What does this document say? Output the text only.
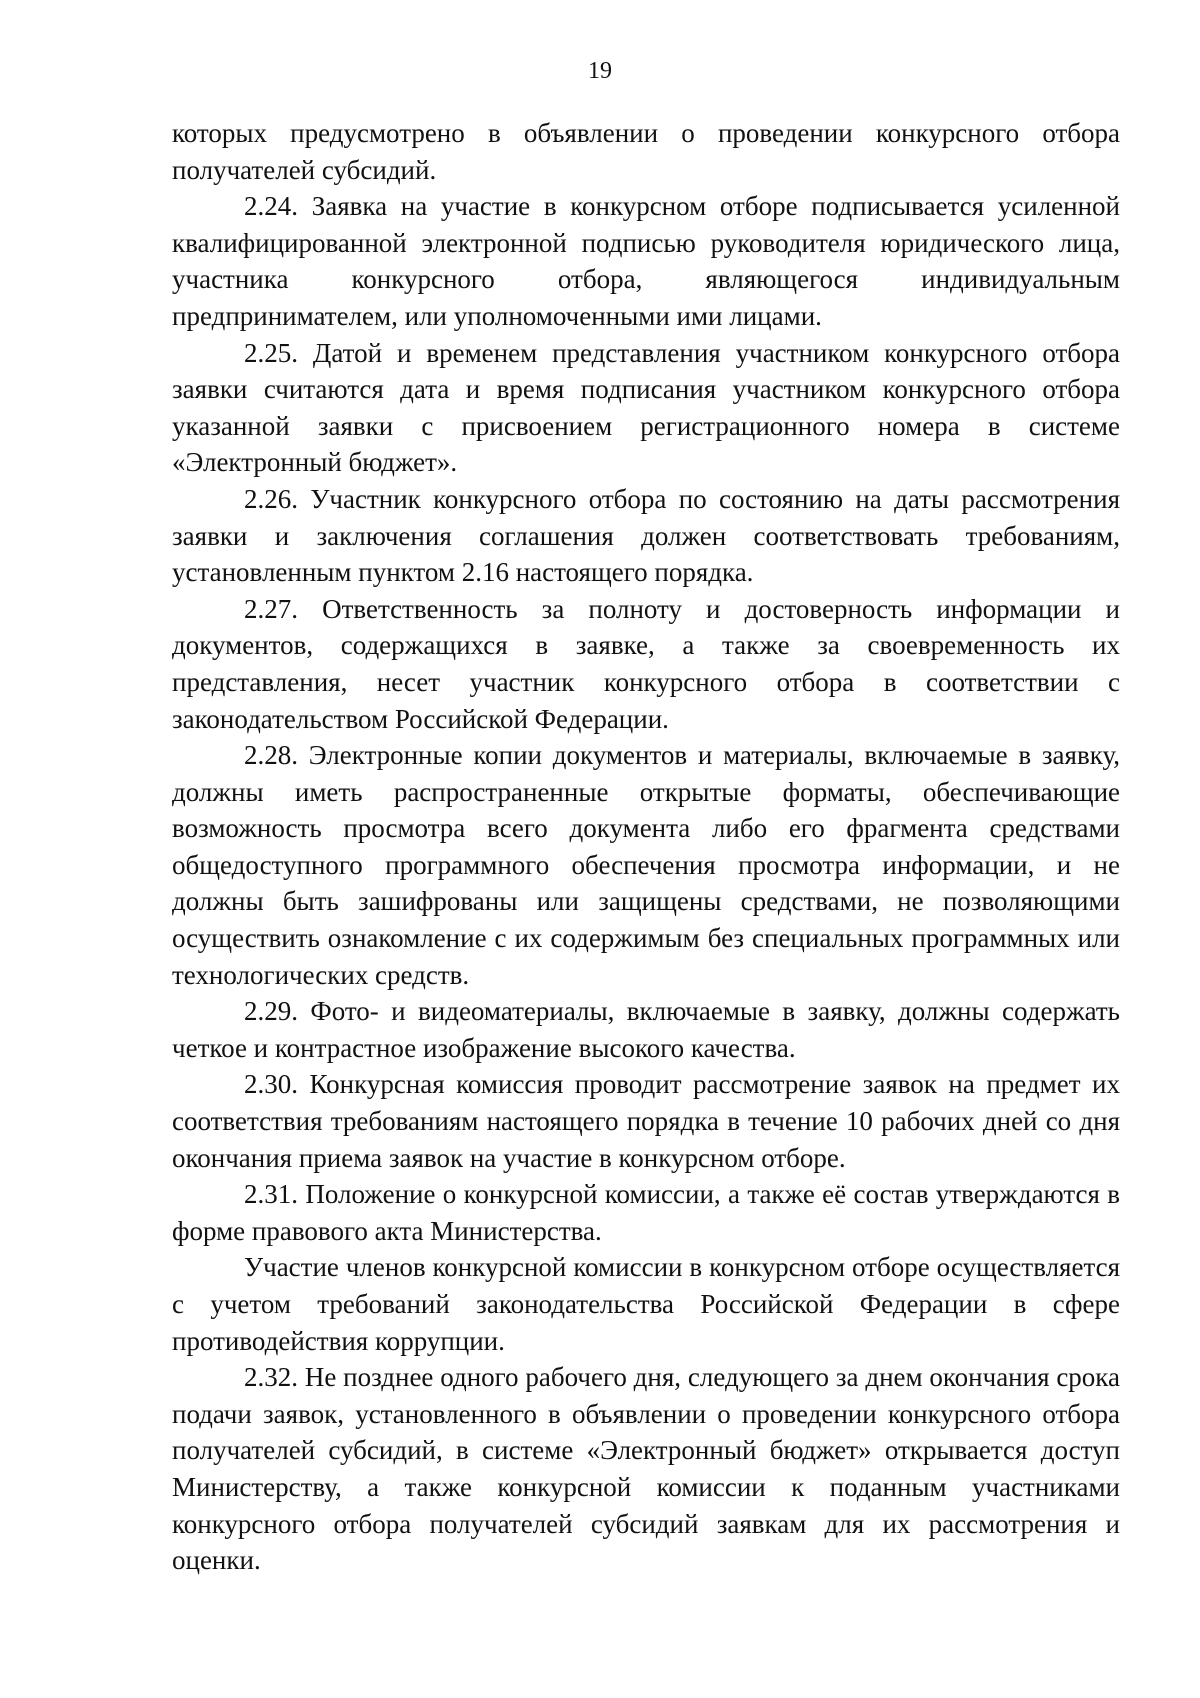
19

которых предусмотрено в объявлении о проведении конкурсного отбора получателей субсидий.

2.24. Заявка на участие в конкурсном отборе подписывается усиленной квалифицированной электронной подписью руководителя юридического лица, участника конкурсного отбора, являющегося индивидуальным предпринимателем, или уполномоченными ими лицами.

2.25. Датой и временем представления участником конкурсного отбора заявки считаются дата и время подписания участником конкурсного отбора указанной заявки с присвоением регистрационного номера в системе «Электронный бюджет».

2.26. Участник конкурсного отбора по состоянию на даты рассмотрения заявки и заключения соглашения должен соответствовать требованиям, установленным пунктом 2.16 настоящего порядка.

2.27. Ответственность за полноту и достоверность информации и документов, содержащихся в заявке, а также за своевременность их представления, несет участник конкурсного отбора в соответствии с законодательством Российской Федерации.

2.28. Электронные копии документов и материалы, включаемые в заявку, должны иметь распространенные открытые форматы, обеспечивающие возможность просмотра всего документа либо его фрагмента средствами общедоступного программного обеспечения просмотра информации, и не должны быть зашифрованы или защищены средствами, не позволяющими осуществить ознакомление с их содержимым без специальных программных или технологических средств.

2.29. Фото- и видеоматериалы, включаемые в заявку, должны содержать четкое и контрастное изображение высокого качества.

2.30. Конкурсная комиссия проводит рассмотрение заявок на предмет их соответствия требованиям настоящего порядка в течение 10 рабочих дней со дня окончания приема заявок на участие в конкурсном отборе.

2.31. Положение о конкурсной комиссии, а также её состав утверждаются в форме правового акта Министерства.

Участие членов конкурсной комиссии в конкурсном отборе осуществляется с учетом требований законодательства Российской Федерации в сфере противодействия коррупции.

2.32. Не позднее одного рабочего дня, следующего за днем окончания срока подачи заявок, установленного в объявлении о проведении конкурсного отбора получателей субсидий, в системе «Электронный бюджет» открывается доступ Министерству, а также конкурсной комиссии к поданным участниками конкурсного отбора получателей субсидий заявкам для их рассмотрения и оценки.
